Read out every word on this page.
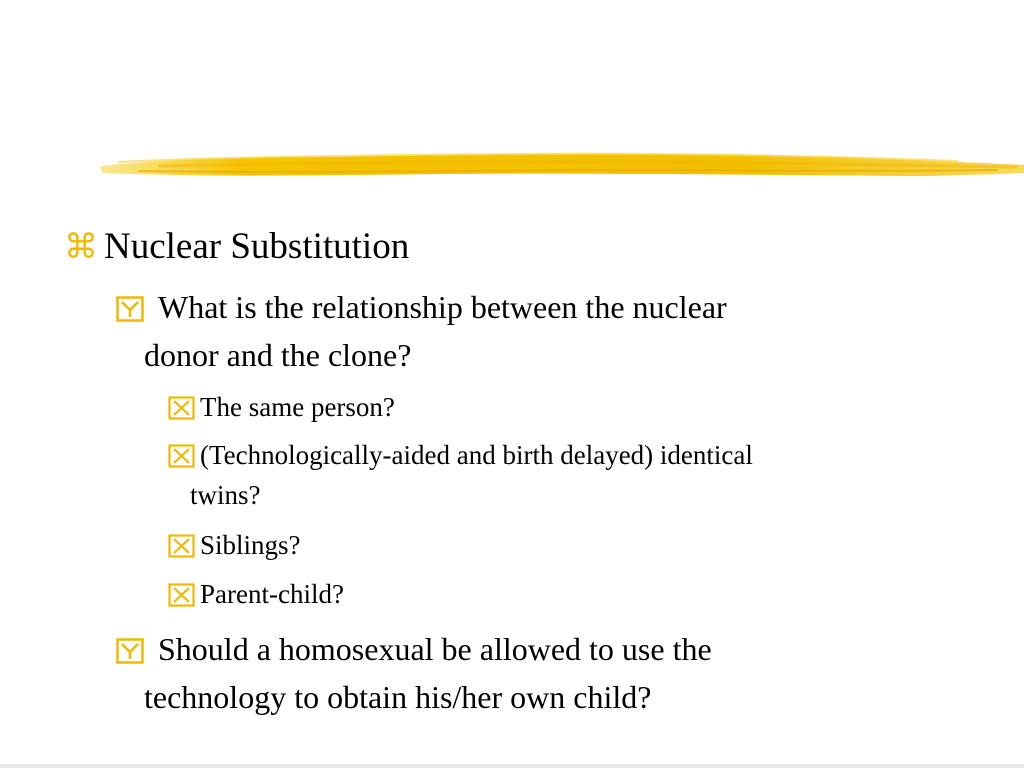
⌘ Nuclear Substitution
What is the relationship between the nuclear
donor and the clone?
The same person?
(Technologically-aided and birth delayed) identical
twins?
Siblings?
Parent-child?
Should a homosexual be allowed to use the
technology to obtain his/her own child?
